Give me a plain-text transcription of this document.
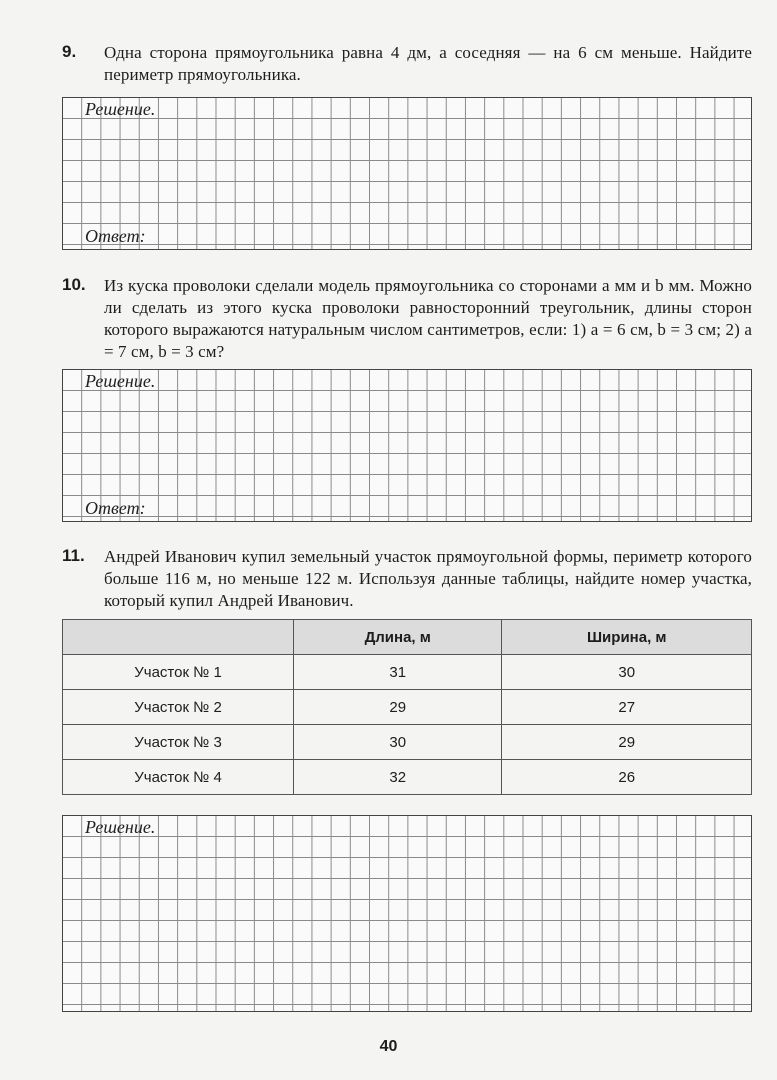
9. Одна сторона прямоугольника равна 4 дм, а соседняя — на 6 см меньше. Найдите периметр прямоугольника.
Решение.
Ответ:
10. Из куска проволоки сделали модель прямоугольника со сторонами a мм и b мм. Можно ли сделать из этого куска проволоки равносторонний треугольник, длины сторон которого выражаются натуральным числом сантиметров, если: 1) a = 6 см, b = 3 см; 2) a = 7 см, b = 3 см?
Решение.
Ответ:
11. Андрей Иванович купил земельный участок прямоугольной формы, периметр которого больше 116 м, но меньше 122 м. Используя данные таблицы, найдите номер участка, который купил Андрей Иванович.
	Длина, м	Ширина, м
Участок № 1	31	30
Участок № 2	29	27
Участок № 3	30	29
Участок № 4	32	26
Решение.
40
